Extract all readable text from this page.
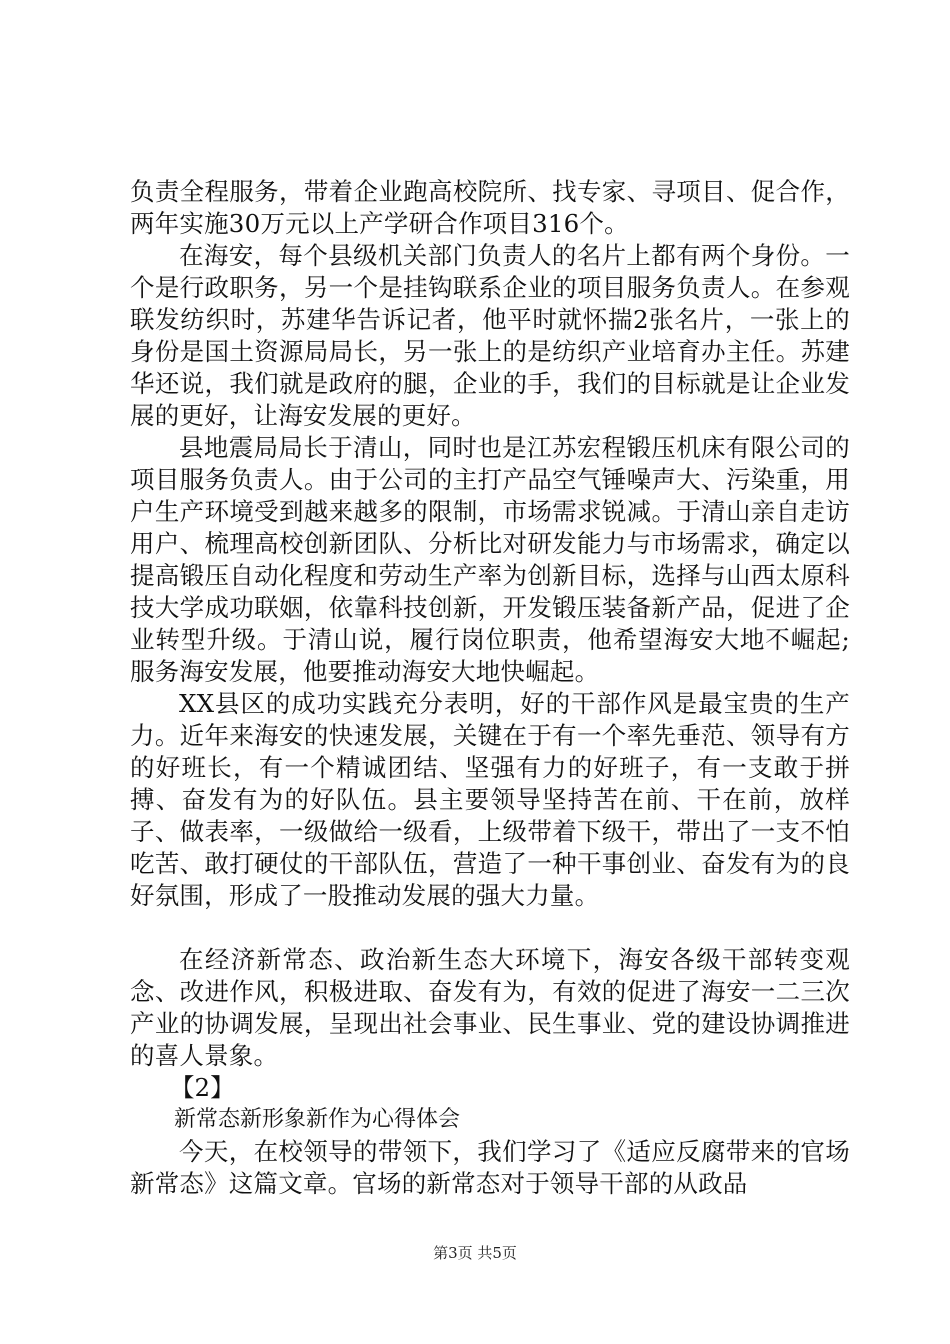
负责全程服务，带着企业跑高校院所、找专家、寻项目、促合作，两年实施30万元以上产学研合作项目316个。

在海安，每个县级机关部门负责人的名片上都有两个身份。一个是行政职务，另一个是挂钩联系企业的项目服务负责人。在参观联发纺织时，苏建华告诉记者，他平时就怀揣2张名片，一张上的身份是国土资源局局长，另一张上的是纺织产业培育办主任。苏建华还说，我们就是政府的腿，企业的手，我们的目标就是让企业发展的更好，让海安发展的更好。

县地震局局长于清山，同时也是江苏宏程锻压机床有限公司的项目服务负责人。由于公司的主打产品空气锤噪声大、污染重，用户生产环境受到越来越多的限制，市场需求锐减。于清山亲自走访用户、梳理高校创新团队、分析比对研发能力与市场需求，确定以提高锻压自动化程度和劳动生产率为创新目标，选择与山西太原科技大学成功联姻，依靠科技创新，开发锻压装备新产品，促进了企业转型升级。于清山说，履行岗位职责，他希望海安大地不崛起;服务海安发展，他要推动海安大地快崛起。

XX县区的成功实践充分表明，好的干部作风是最宝贵的生产力。近年来海安的快速发展，关键在于有一个率先垂范、领导有方的好班长，有一个精诚团结、坚强有力的好班子，有一支敢于拼搏、奋发有为的好队伍。县主要领导坚持苦在前、干在前，放样子、做表率，一级做给一级看，上级带着下级干，带出了一支不怕吃苦、敢打硬仗的干部队伍，营造了一种干事创业、奋发有为的良好氛围，形成了一股推动发展的强大力量。

在经济新常态、政治新生态大环境下，海安各级干部转变观念、改进作风，积极进取、奋发有为，有效的促进了海安一二三次产业的协调发展，呈现出社会事业、民生事业、党的建设协调推进的喜人景象。

【2】

新常态新形象新作为心得体会

今天，在校领导的带领下，我们学习了《适应反腐带来的官场新常态》这篇文章。官场的新常态对于领导干部的从政品

第3页 共5页
